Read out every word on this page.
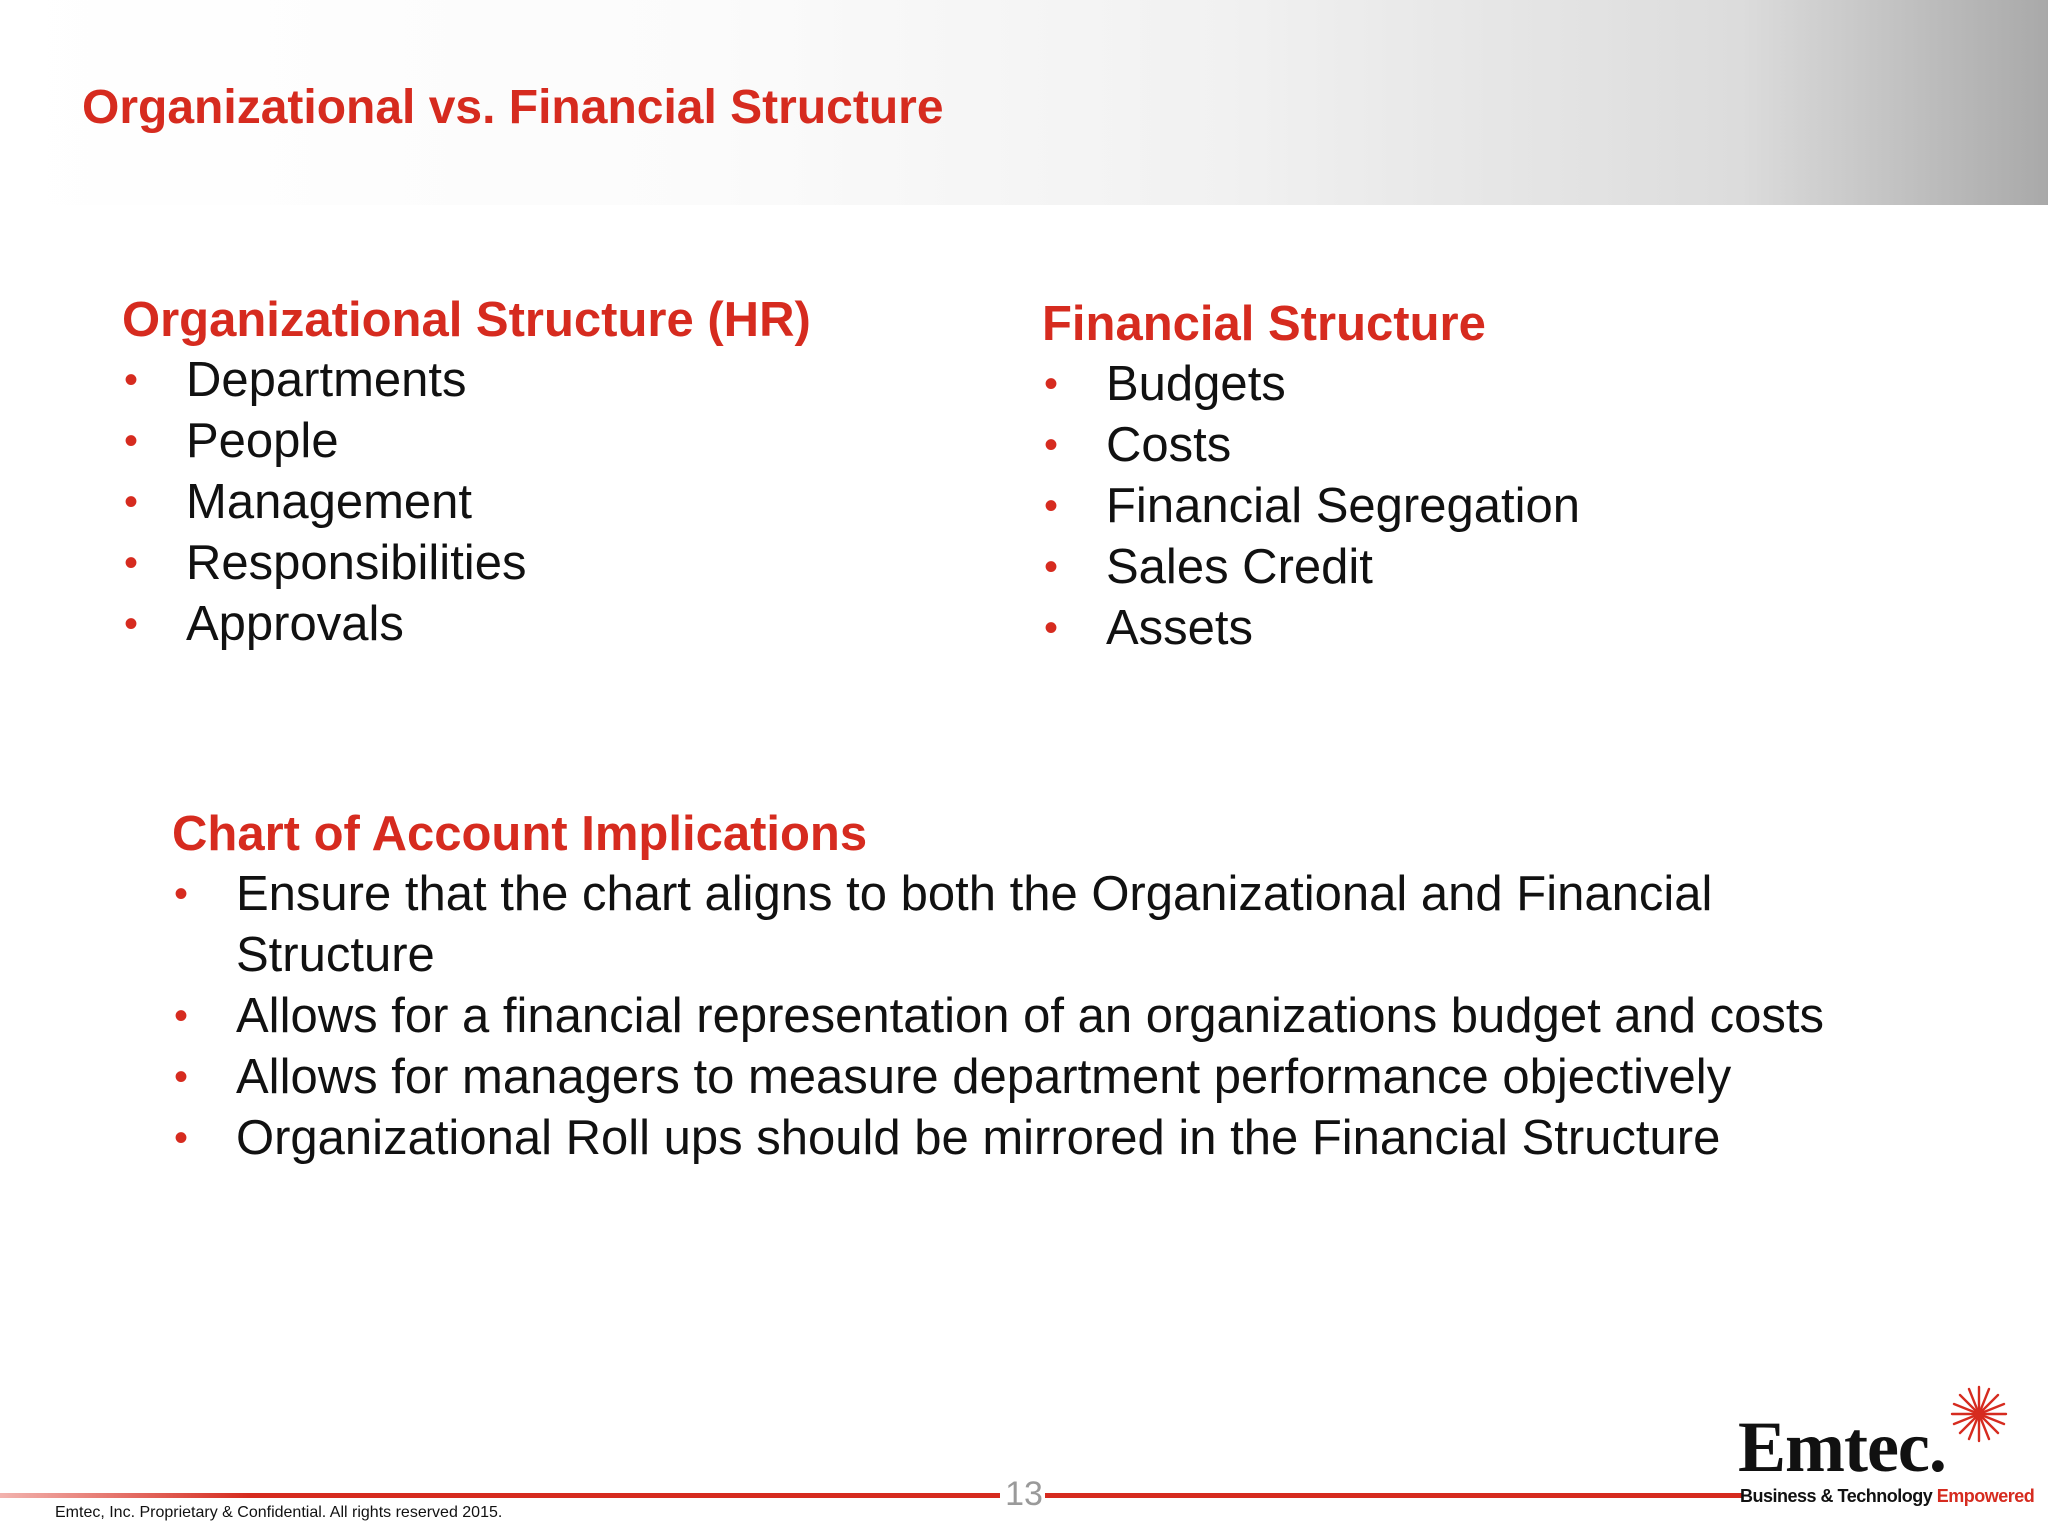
Organizational vs. Financial Structure
Organizational Structure (HR)
• Departments
• People
• Management
• Responsibilities
• Approvals
Financial Structure
• Budgets
• Costs
• Financial Segregation
• Sales Credit
• Assets
Chart of Account Implications
• Ensure that the chart aligns to both the Organizational and Financial Structure
• Allows for a financial representation of an organizations budget and costs
• Allows for managers to measure department performance objectively
• Organizational Roll ups should be mirrored in the Financial Structure
13
Emtec, Inc. Proprietary & Confidential. All rights reserved 2015.
Emtec.
Business & Technology Empowered
